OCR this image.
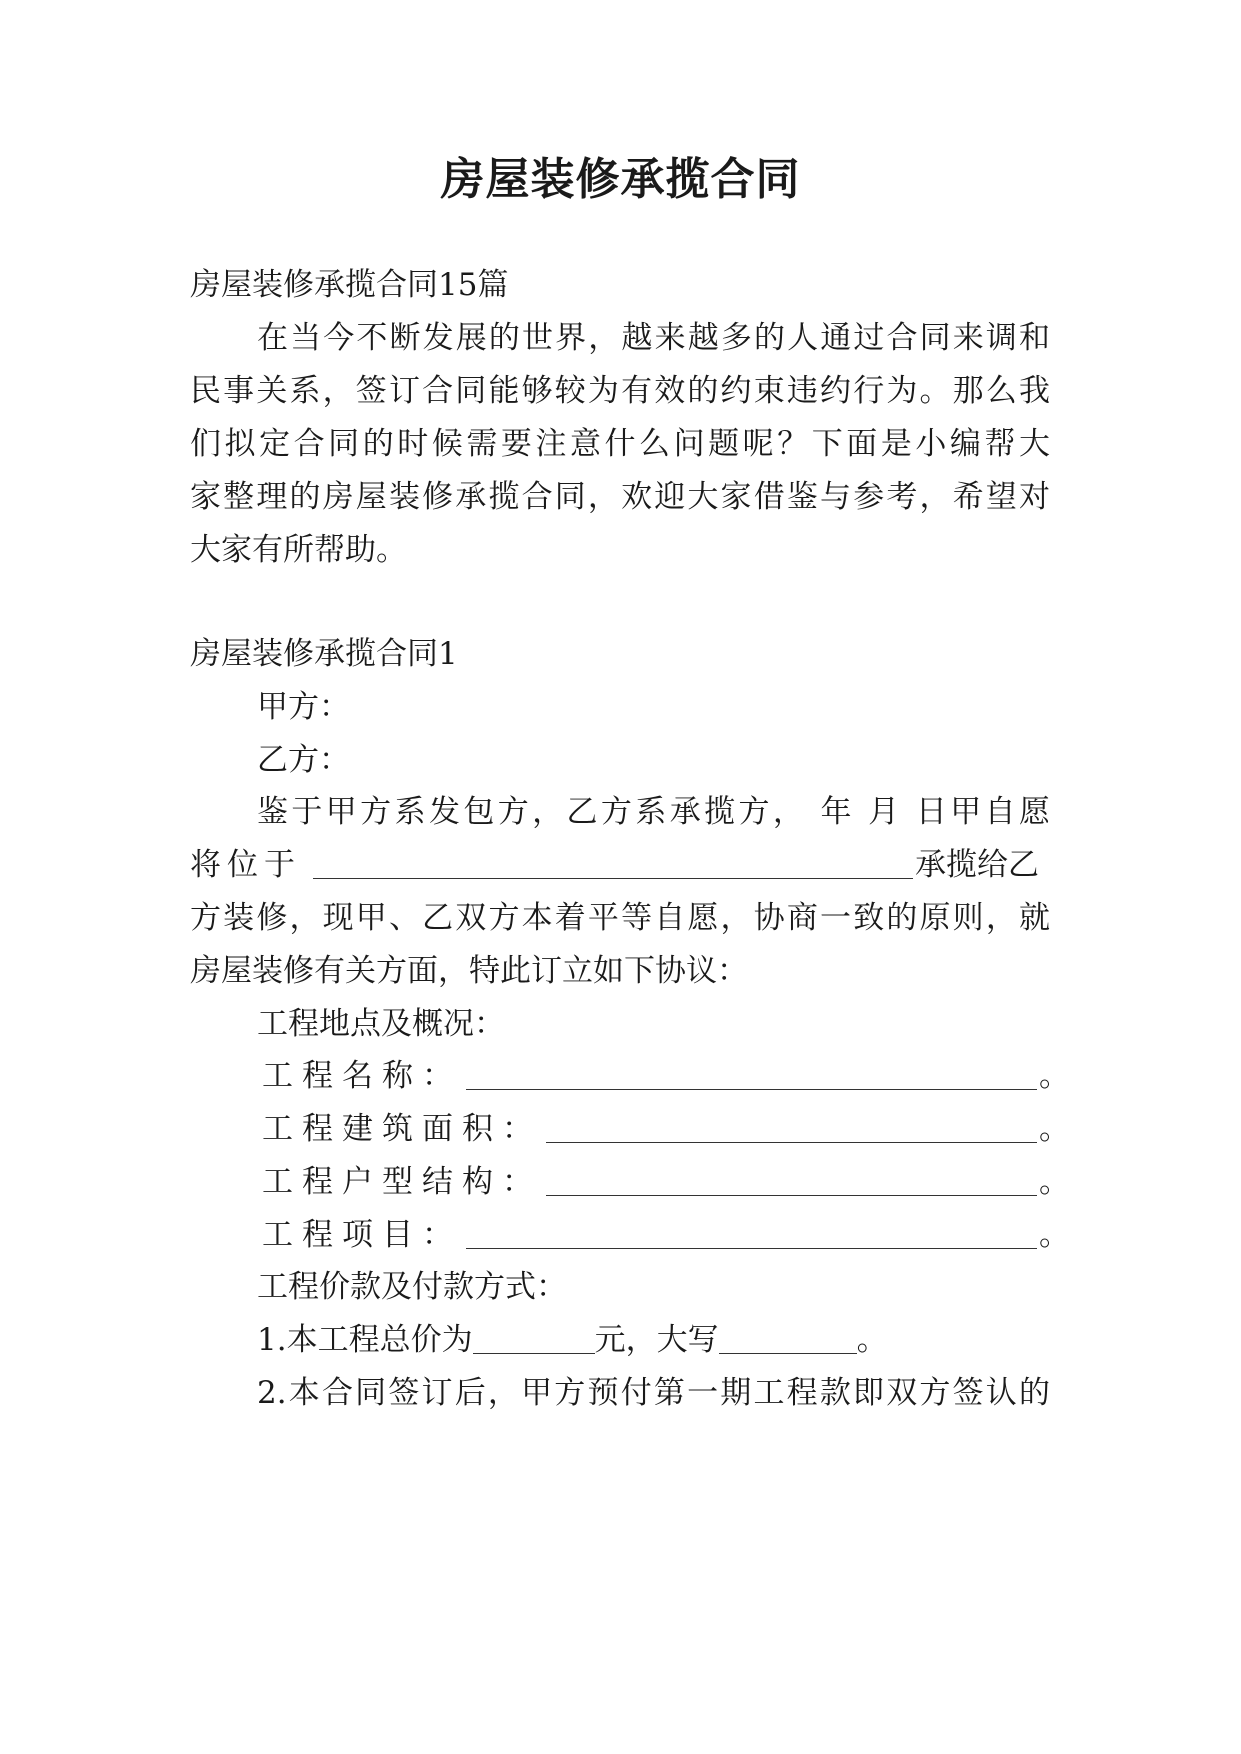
房屋装修承揽合同
房屋装修承揽合同15篇
在当今不断发展的世界，越来越多的人通过合同来调和
民事关系，签订合同能够较为有效的约束违约行为。那么我
们拟定合同的时候需要注意什么问题呢？下面是小编帮大
家整理的房屋装修承揽合同，欢迎大家借鉴与参考，希望对
大家有所帮助。
房屋装修承揽合同1
甲方：
乙方：
鉴于甲方系发包方，乙方系承揽方， 年 月 日甲自愿
将位于	承揽给乙
方装修，现甲、乙双方本着平等自愿，协商一致的原则，就
房屋装修有关方面，特此订立如下协议：
工程地点及概况：
工程名称：	。
工程建筑面积：	。
工程户型结构：	。
工程项目：	。
工程价款及付款方式：
1.本工程总价为	元，大写	。
2.本合同签订后，甲方预付第一期工程款即双方签认的
